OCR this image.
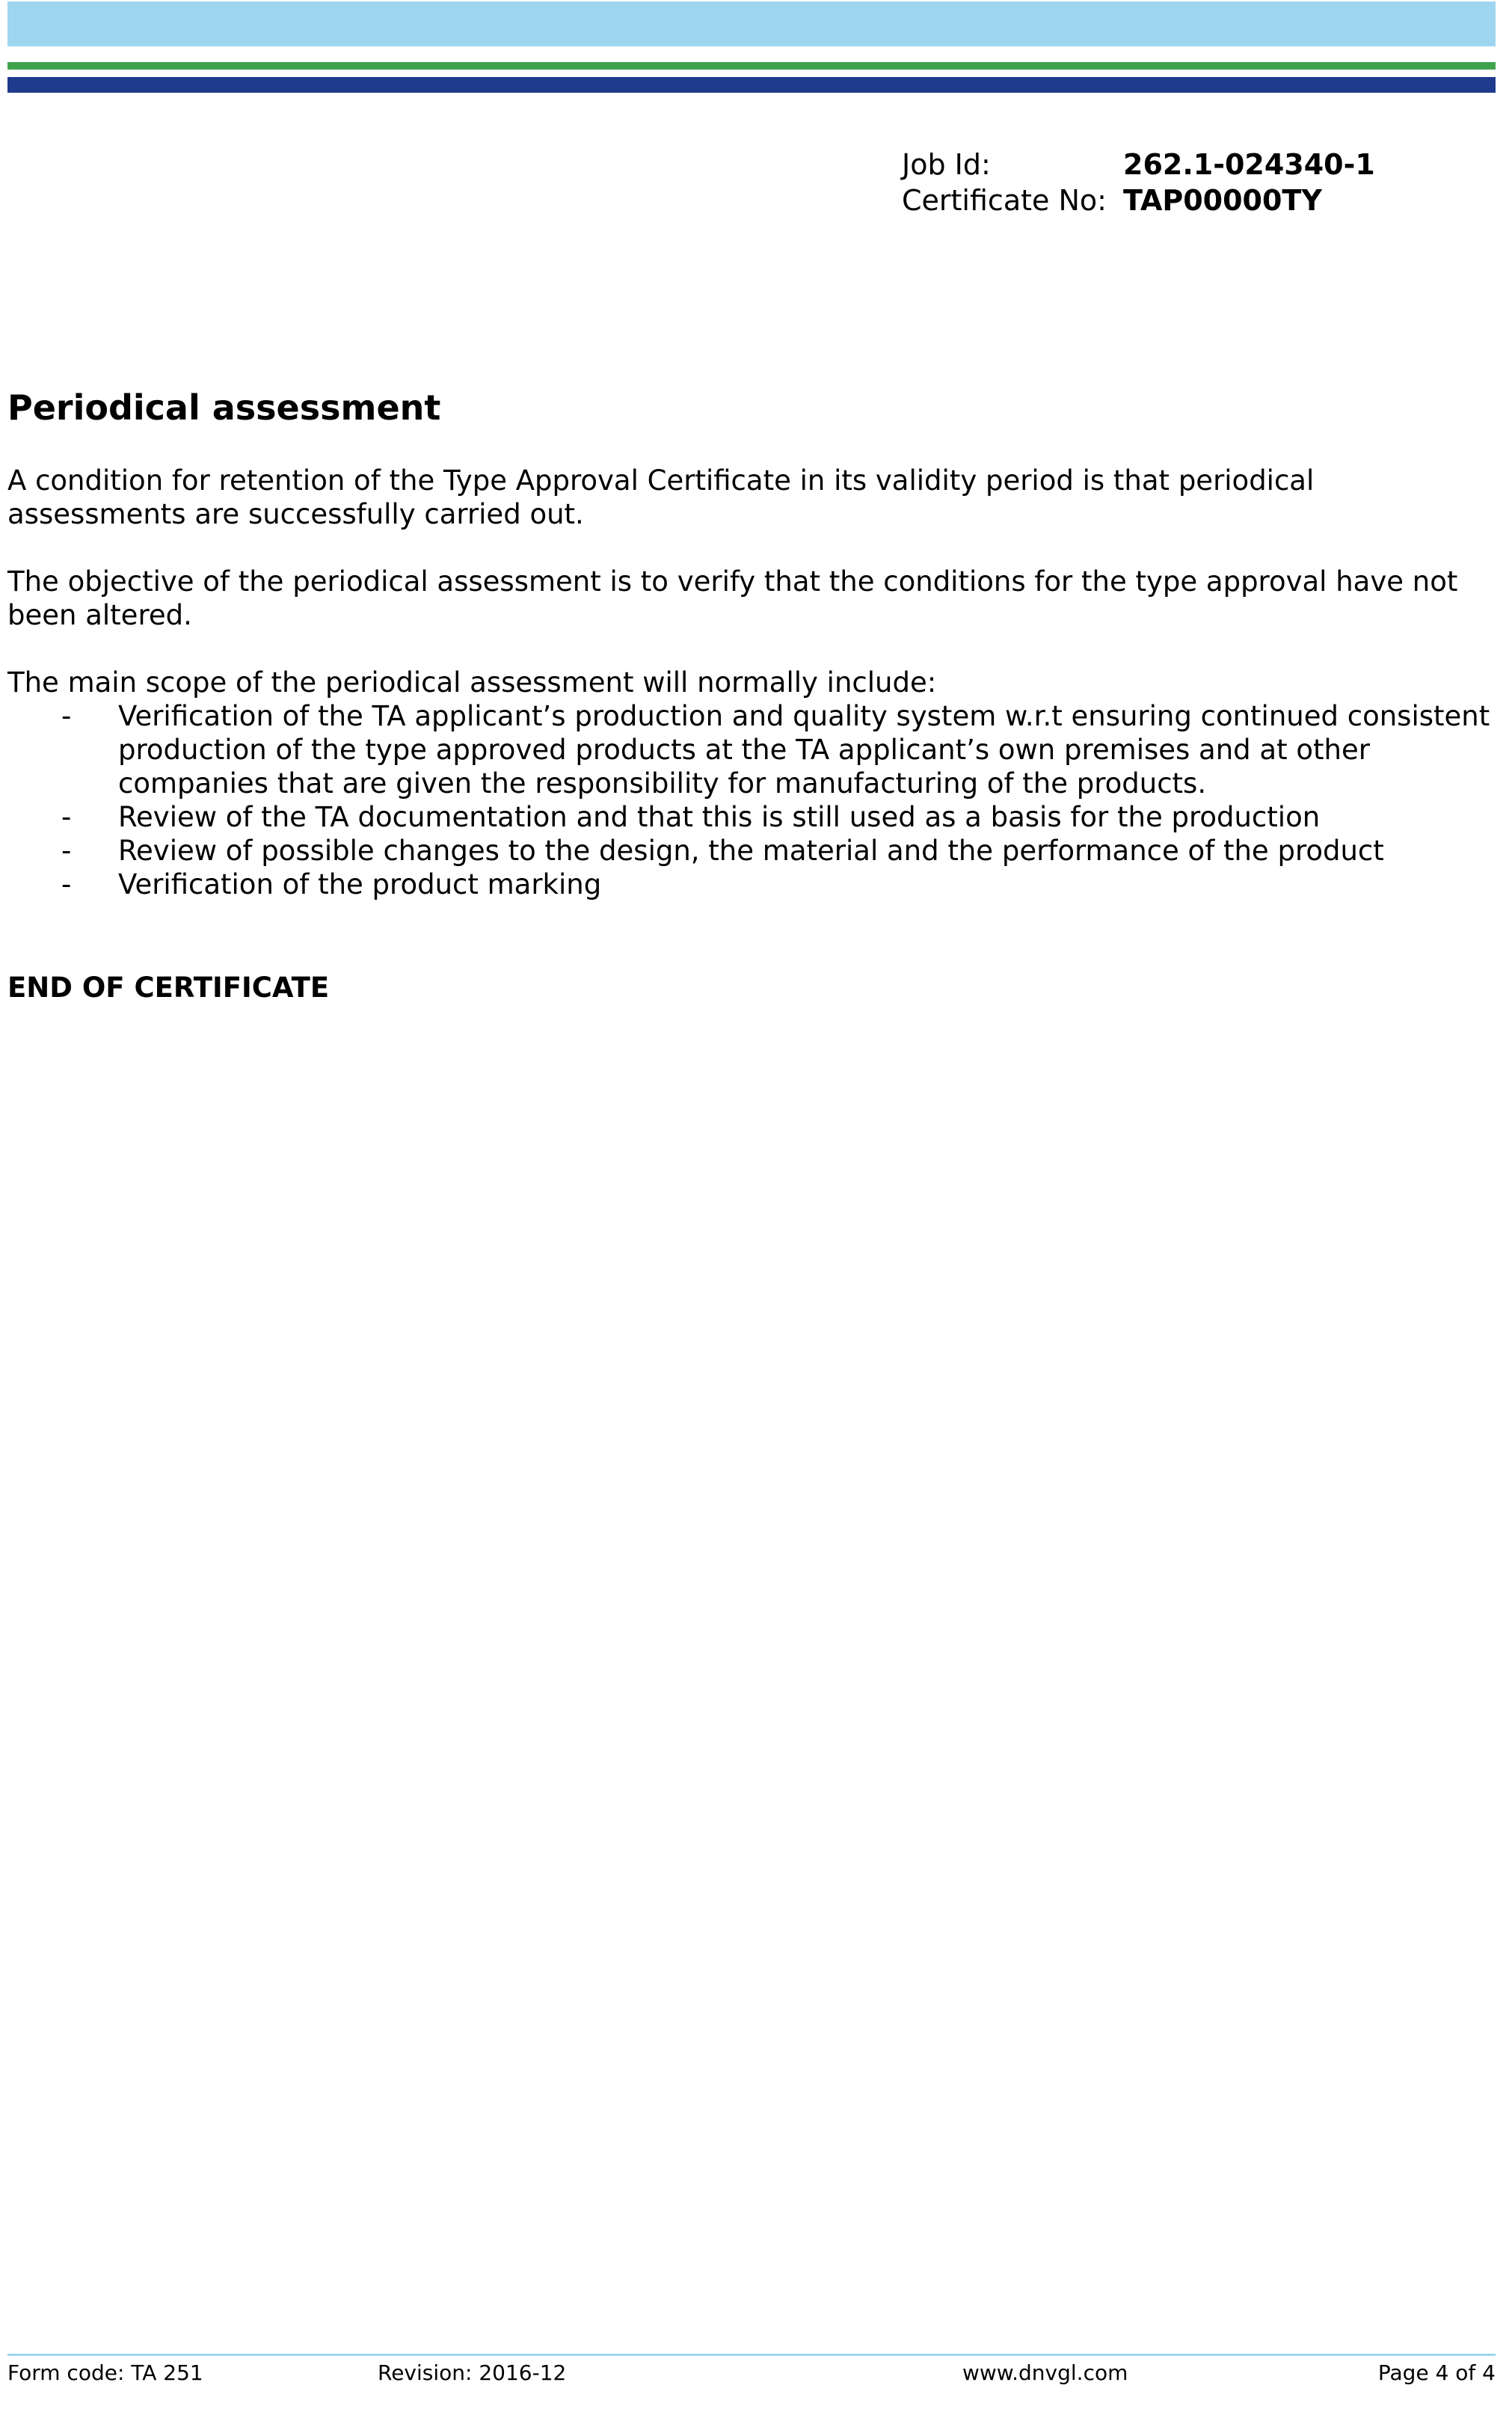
Job Id:	262.1-024340-1
Certificate No: TAP00000TY
Periodical assessment

A condition for retention of the Type Approval Certificate in its validity period is that periodical assessments are successfully carried out.

The objective of the periodical assessment is to verify that the conditions for the type approval have not been altered.

The main scope of the periodical assessment will normally include:

-	Verification of the TA applicant’s production and quality system w.r.t ensuring continued consistent production of the type approved products at the TA applicant’s own premises and at other companies that are given the responsibility for manufacturing of the products.
-	Review of the TA documentation and that this is still used as a basis for the production
-	Review of possible changes to the design, the material and the performance of the product
-	Verification of the product marking

END OF CERTIFICATE

Form code: TA 251	Revision: 2016-12	www.dnvgl.com	Page 4 of 4
